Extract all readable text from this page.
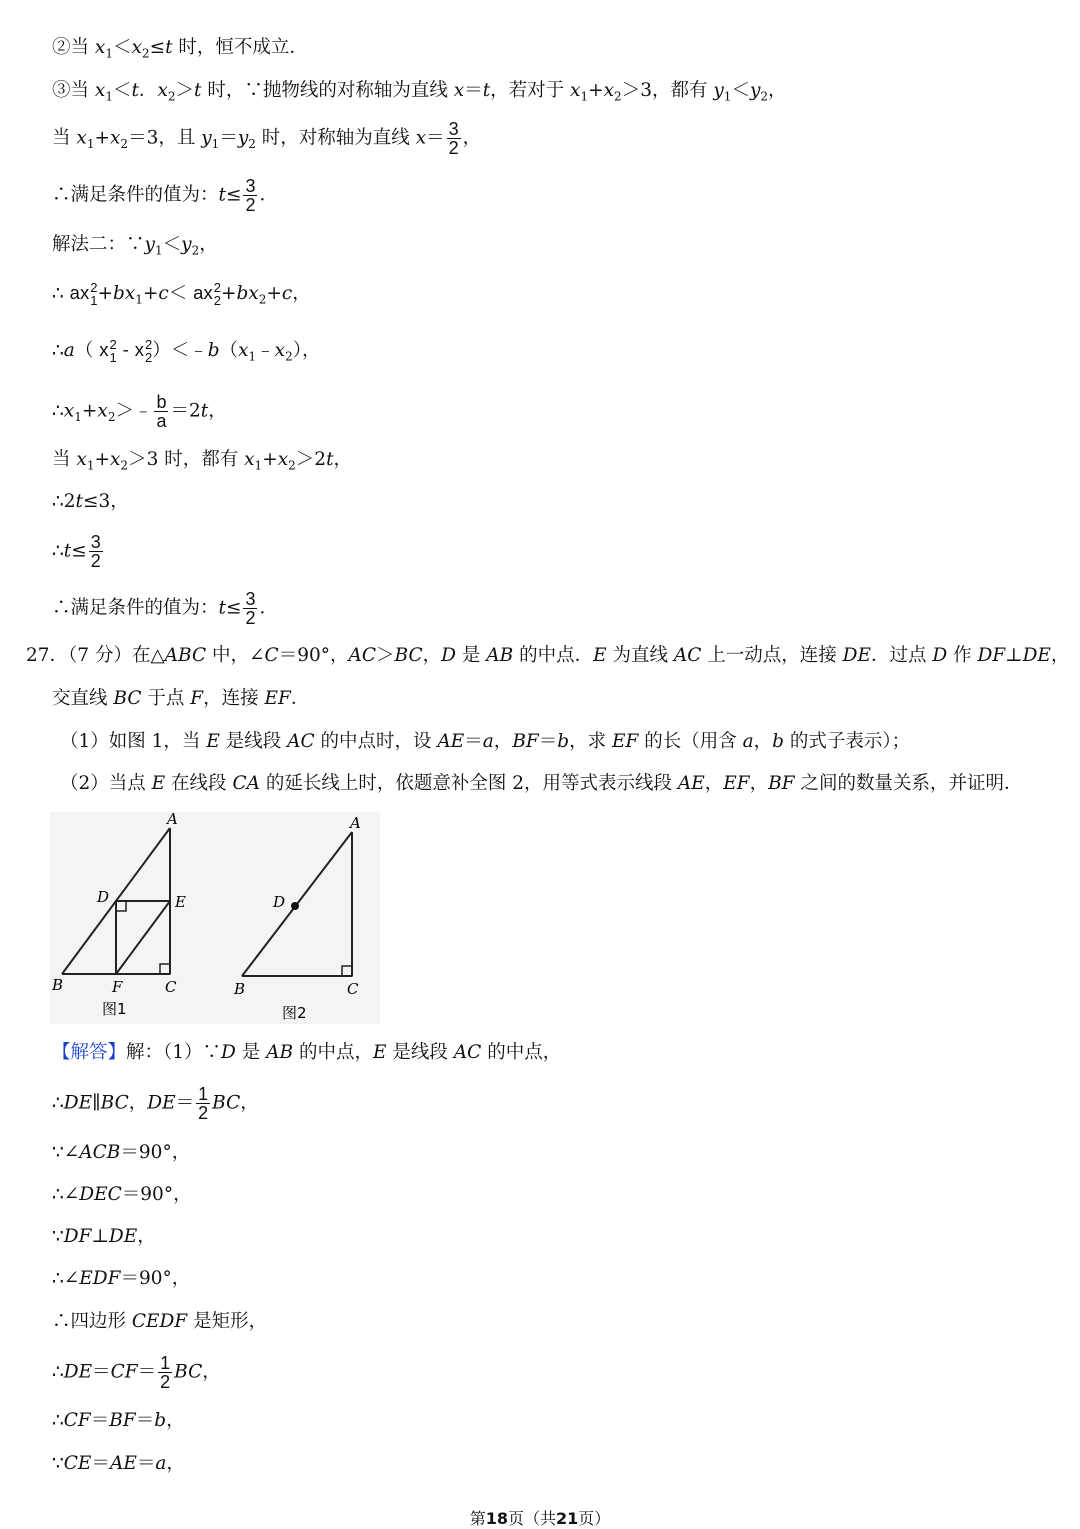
②当 $x_1<x_2\le t$ 时，恒不成立．
③当 $x_1<t$．$x_2>t$ 时，∵抛物线的对称轴为直线 x＝t，若对于 $x_1+x_2>3$，都有 $y_1<y_2$，
当 $x_1+x_2=3$，且 $y_1=y_2$ 时，对称轴为直线 $x= \frac{3}{2}$ ，
∴满足条件的值为：$t\le \frac{3}{2}$ ．
解法二：$\because y_1<y_2$，
∴ ax 2
$1 +bx_1+c<$ ax 2
$2 +bx_2+c$，
∴a（ x 2
1 - x 2
2 ）$<﹣b(x_1﹣x_2)$，
$\therefore x_1+x_2>﹣ \frac{b}{a} =2t$，
当 $x_1+x_2>3$ 时，都有 $x_1+x_2>2t$，
∴2t≤3，
∴t≤ $\frac{3}{2}$
∴满足条件的值为：$t\le \frac{3}{2}$ ．
27．（7 分）在△ABC 中，∠C＝90°，AC＞BC，D 是 AB 的中点．E 为直线 AC 上一动点，连接 DE．过点 D 作 DF⊥DE，
交直线 BC 于点 F，连接 EF．
（1）如图 1，当 E 是线段 AC 的中点时，设 AE＝a，BF＝b，求 EF 的长（用含 a，b 的式子表示）；
（2）当点 E 在线段 CA 的延长线上时，依题意补全图 2，用等式表示线段 AE，EF，BF 之间的数量关系，并证明．
A
D	E
B	F	C
图1
A
D
B	C
图2
【解答】解：（1）∵D 是 AB 的中点，E 是线段 AC 的中点，
∴DE∥BC，$DE= \frac{1}{2}$ BC，
∵∠ACB＝90°，
∴∠DEC＝90°，
∵DF⊥DE，
∴∠EDF＝90°，
∴四边形 CEDF 是矩形，
∴DE＝CF＝ $\frac{1}{2}$ BC，
∴CF＝BF＝b，
∵CE＝AE＝a，
第18页（共21页）
